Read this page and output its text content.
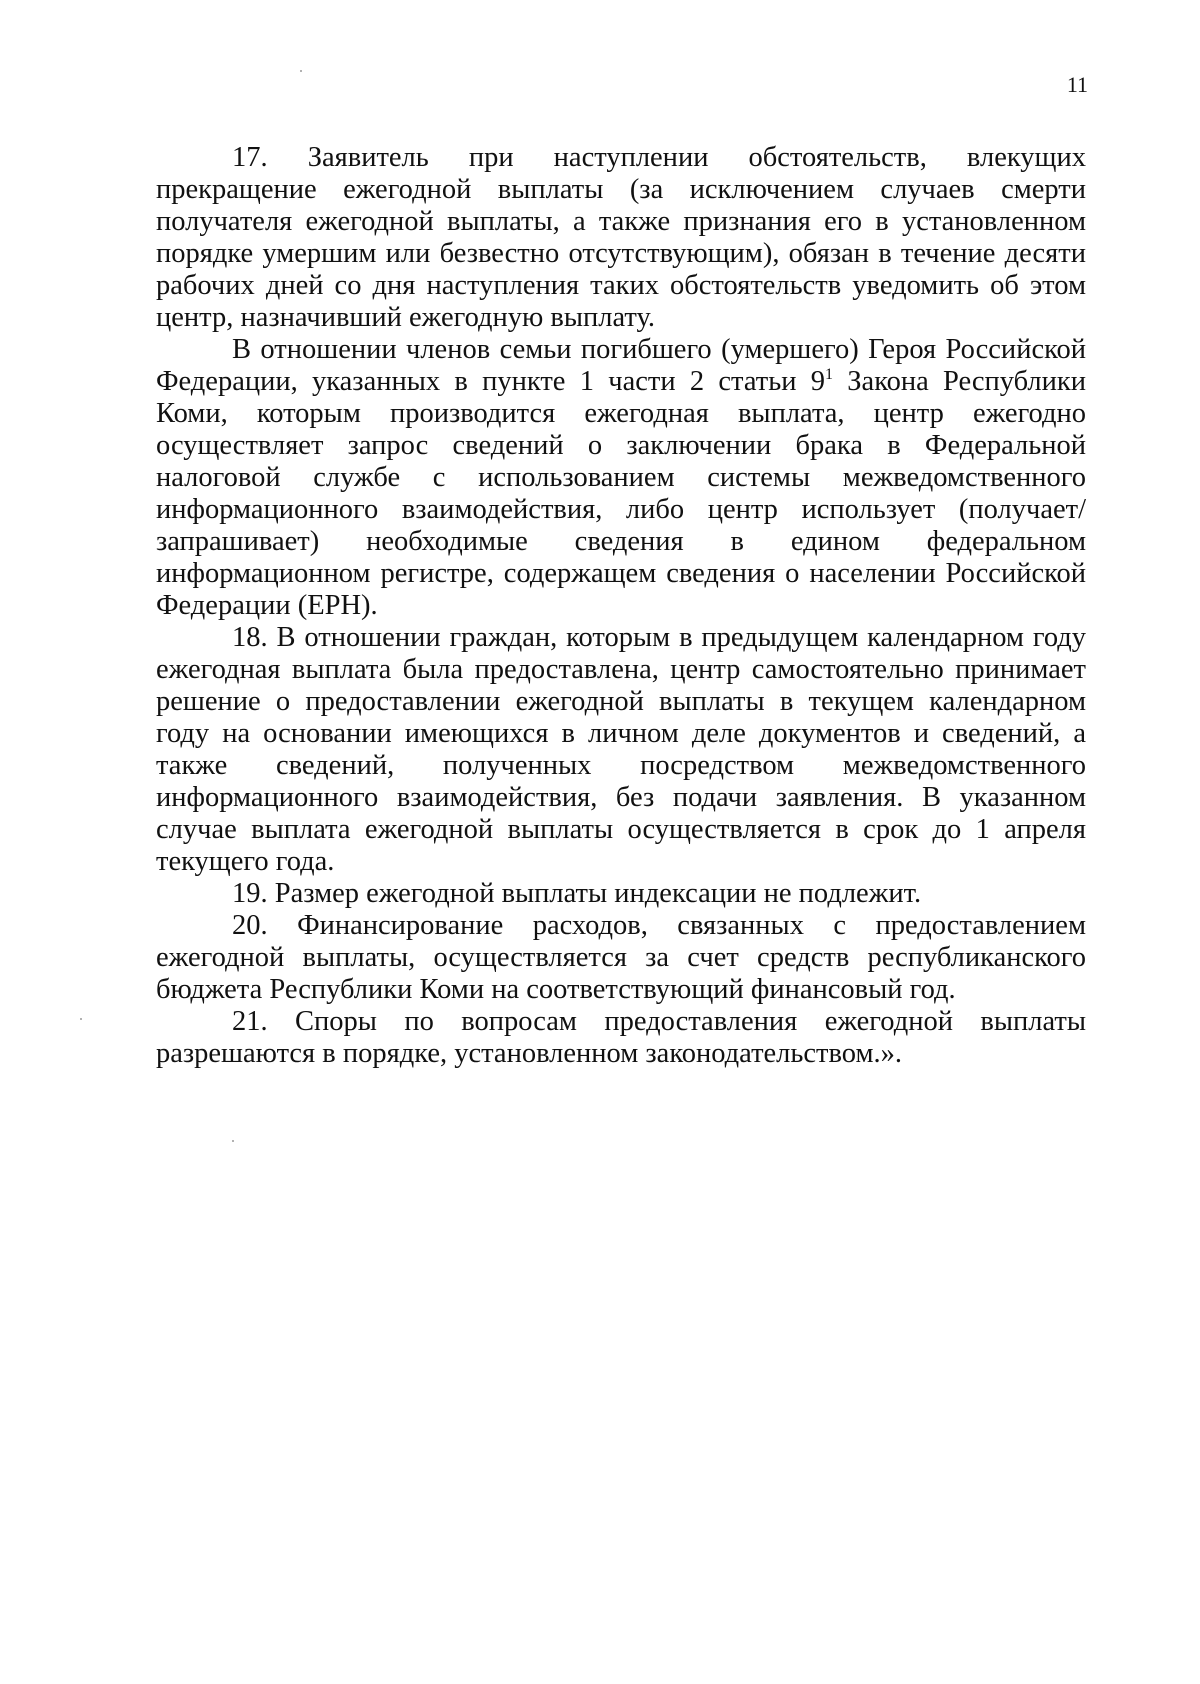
11

17. Заявитель при наступлении обстоятельств, влекущих прекращение ежегодной выплаты (за исключением случаев смерти получателя ежегодной выплаты, а также признания его в установленном порядке умершим или безвестно отсутствующим), обязан в течение десяти рабочих дней со дня наступления таких обстоятельств уведомить об этом центр, назначивший ежегодную выплату.

В отношении членов семьи погибшего (умершего) Героя Российской Федерации, указанных в пункте 1 части 2 статьи $9^1$ Закона Республики Коми, которым производится ежегодная выплата, центр ежегодно осуществляет запрос сведений о заключении брака в Федеральной налоговой службе с использованием системы межведомственного информационного взаимодействия, либо центр использует (получает/запрашивает) необходимые сведения в едином федеральном информационном регистре, содержащем сведения о населении Российской Федерации (ЕРН).

18. В отношении граждан, которым в предыдущем календарном году ежегодная выплата была предоставлена, центр самостоятельно принимает решение о предоставлении ежегодной выплаты в текущем календарном году на основании имеющихся в личном деле документов и сведений, а также сведений, полученных посредством межведомственного информационного взаимодействия, без подачи заявления. В указанном случае выплата ежегодной выплаты осуществляется в срок до 1 апреля текущего года.

19. Размер ежегодной выплаты индексации не подлежит.

20. Финансирование расходов, связанных с предоставлением ежегодной выплаты, осуществляется за счет средств республиканского бюджета Республики Коми на соответствующий финансовый год.

21. Споры по вопросам предоставления ежегодной выплаты разрешаются в порядке, установленном законодательством.».
